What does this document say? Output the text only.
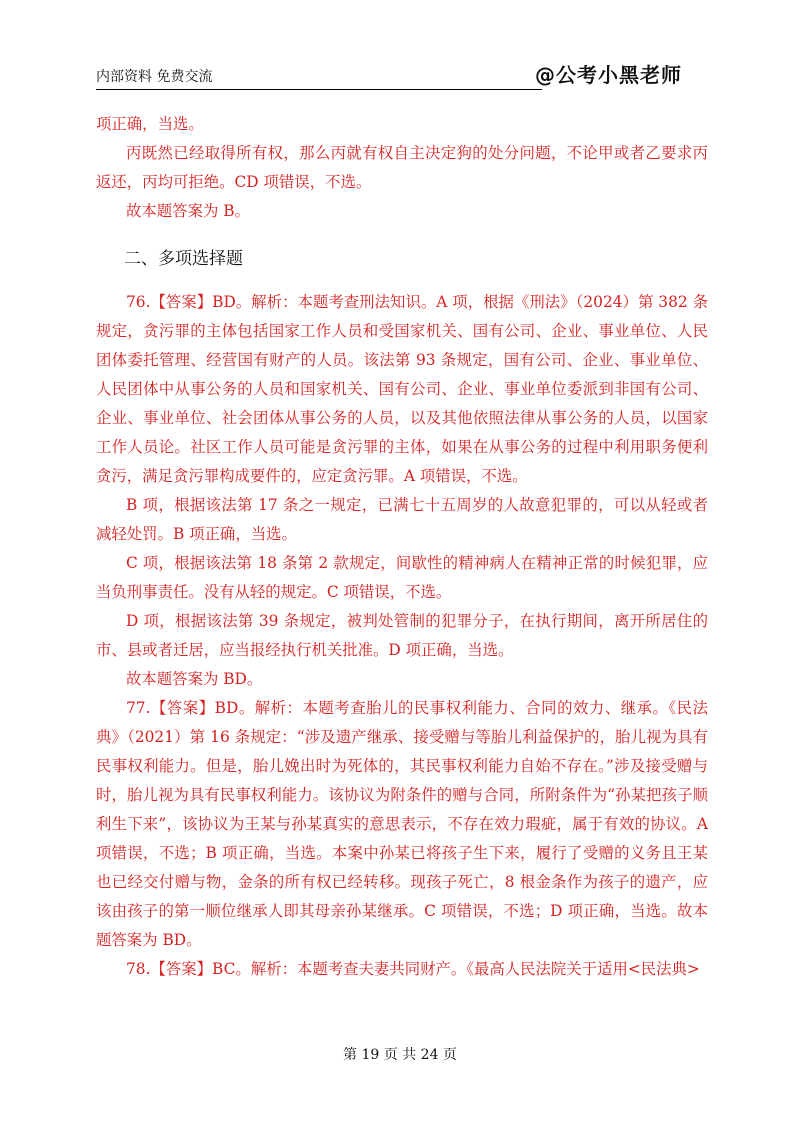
内部资料 免费交流	@公考小黑老师

项正确，当选。

丙既然已经取得所有权，那么丙就有权自主决定狗的处分问题，不论甲或者乙要求丙返还，丙均可拒绝。CD 项错误，不选。

故本题答案为 B。

二、多项选择题

76.【答案】BD。解析：本题考查刑法知识。A 项，根据《刑法》（2024）第 382 条规定，贪污罪的主体包括国家工作人员和受国家机关、国有公司、企业、事业单位、人民团体委托管理、经营国有财产的人员。该法第 93 条规定，国有公司、企业、事业单位、人民团体中从事公务的人员和国家机关、国有公司、企业、事业单位委派到非国有公司、企业、事业单位、社会团体从事公务的人员，以及其他依照法律从事公务的人员，以国家工作人员论。社区工作人员可能是贪污罪的主体，如果在从事公务的过程中利用职务便利贪污，满足贪污罪构成要件的，应定贪污罪。A 项错误，不选。

B 项，根据该法第 17 条之一规定，已满七十五周岁的人故意犯罪的，可以从轻或者减轻处罚。B 项正确，当选。

C 项，根据该法第 18 条第 2 款规定，间歇性的精神病人在精神正常的时候犯罪，应当负刑事责任。没有从轻的规定。C 项错误，不选。

D 项，根据该法第 39 条规定，被判处管制的犯罪分子，在执行期间，离开所居住的市、县或者迁居，应当报经执行机关批准。D 项正确，当选。

故本题答案为 BD。

77.【答案】BD。解析：本题考查胎儿的民事权利能力、合同的效力、继承。《民法典》（2021）第 16 条规定：“涉及遗产继承、接受赠与等胎儿利益保护的，胎儿视为具有民事权利能力。但是，胎儿娩出时为死体的，其民事权利能力自始不存在。”涉及接受赠与时，胎儿视为具有民事权利能力。该协议为附条件的赠与合同，所附条件为“孙某把孩子顺利生下来”，该协议为王某与孙某真实的意思表示，不存在效力瑕疵，属于有效的协议。A 项错误，不选；B 项正确，当选。本案中孙某已将孩子生下来，履行了受赠的义务且王某也已经交付赠与物，金条的所有权已经转移。现孩子死亡，8 根金条作为孩子的遗产，应该由孩子的第一顺位继承人即其母亲孙某继承。C 项错误，不选；D 项正确，当选。故本题答案为 BD。

78.【答案】BC。解析：本题考查夫妻共同财产。《最高人民法院关于适用<民法典>

第 19 页 共 24 页
